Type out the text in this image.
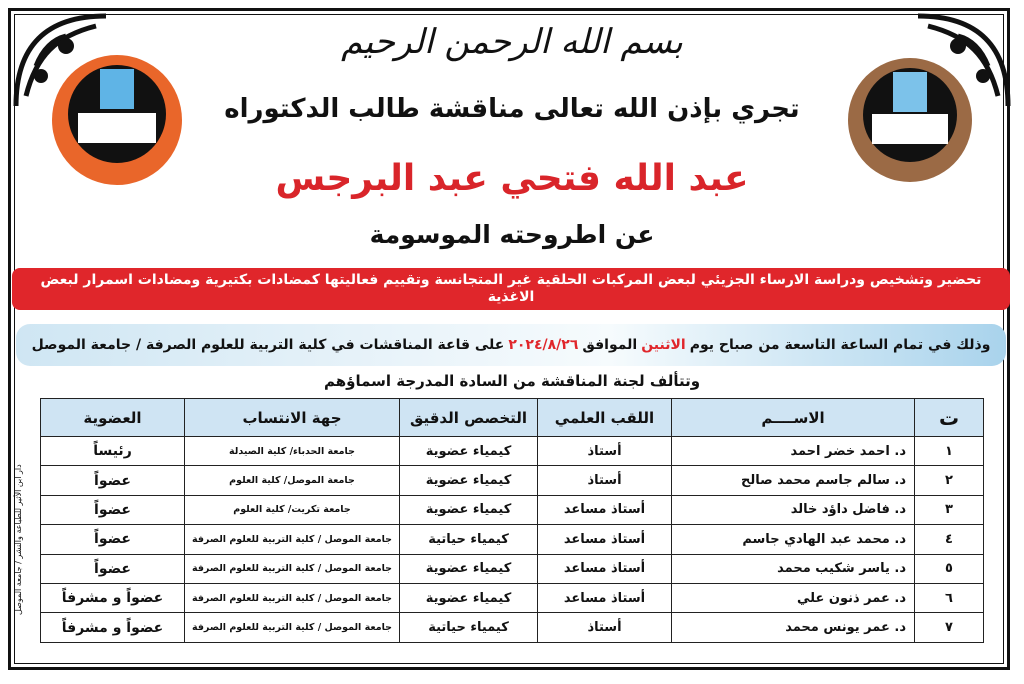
بسم الله الرحمن الرحيم
تجري بإذن الله تعالى مناقشة طالب الدكتوراه
عبد الله فتحي عبد البرجس
عن اطروحته الموسومة
تحضير وتشخيص ودراسة الارساء الجزيئي لبعض المركبات الحلقية غير المتجانسة وتقييم فعاليتها كمضادات بكتيرية ومضادات اسمرار لبعض الاغذية
وذلك في تمام الساعة التاسعة من صباح يوم
الاثنين
الموافق
٢٠٢٤/٨/٢٦
على قاعة المناقشات في كلية التربية للعلوم الصرفة / جامعة الموصل
وتتألف لجنة المناقشة من السادة المدرجة اسماؤهم
ت	الاســــم	اللقب العلمي	التخصص الدقيق	جهة الانتساب	العضوية
١	د. احمد خضر احمد	أستاذ	كيمياء عضوية	جامعة الحدباء/ كلية الصيدلة	رئيساً
٢	د. سالم جاسم محمد صالح	أستاذ	كيمياء عضوية	جامعة الموصل/ كلية العلوم	عضواً
٣	د. فاضل داؤد خالد	أستاذ مساعد	كيمياء عضوية	جامعة تكريت/ كلية العلوم	عضواً
٤	د. محمد عبد الهادي جاسم	أستاذ مساعد	كيمياء حياتية	جامعة الموصل / كلية التربية للعلوم الصرفة	عضواً
٥	د. ياسر شكيب محمد	أستاذ مساعد	كيمياء عضوية	جامعة الموصل / كلية التربية للعلوم الصرفة	عضواً
٦	د. عمر ذنون علي	أستاذ مساعد	كيمياء عضوية	جامعة الموصل / كلية التربية للعلوم الصرفة	عضواً و مشرفاً
٧	د. عمر يونس محمد	أستاذ	كيمياء حياتية	جامعة الموصل / كلية التربية للعلوم الصرفة	عضواً و مشرفاً
دار ابن الأثير للطباعة والنشر / جامعة الموصل
